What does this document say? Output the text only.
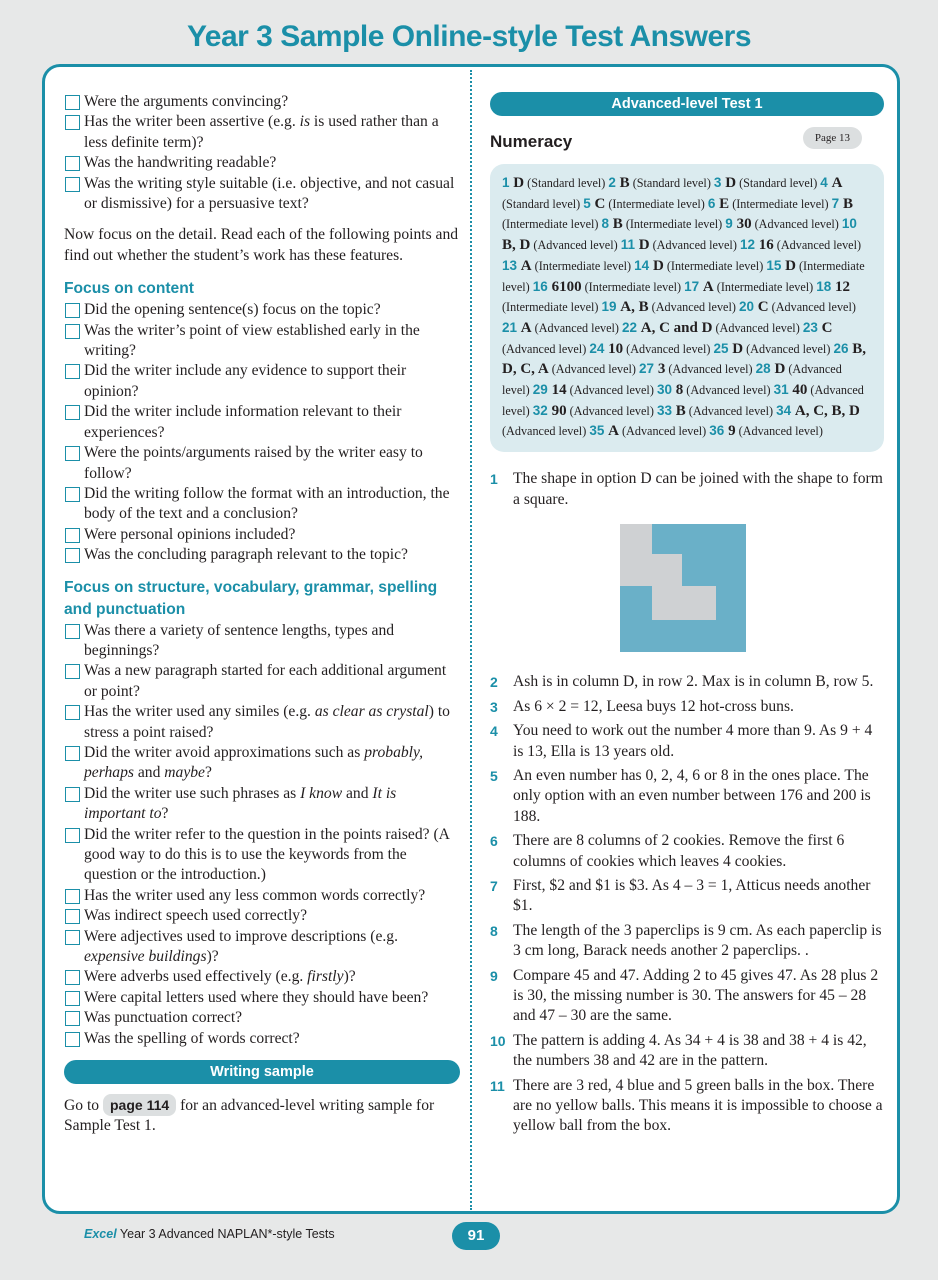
Year 3 Sample Online-style Test Answers
Were the arguments convincing?
Has the writer been assertive (e.g. is is used rather than a less definite term)?
Was the handwriting readable?
Was the writing style suitable (i.e. objective, and not casual or dismissive) for a persuasive text?
Now focus on the detail. Read each of the following points and find out whether the student’s work has these features.
Focus on content
Did the opening sentence(s) focus on the topic?
Was the writer’s point of view established early in the writing?
Did the writer include any evidence to support their opinion?
Did the writer include information relevant to their experiences?
Were the points/arguments raised by the writer easy to follow?
Did the writing follow the format with an introduction, the body of the text and a conclusion?
Were personal opinions included?
Was the concluding paragraph relevant to the topic?
Focus on structure, vocabulary, grammar, spelling and punctuation
Was there a variety of sentence lengths, types and beginnings?
Was a new paragraph started for each additional argument or point?
Has the writer used any similes (e.g. as clear as crystal) to stress a point raised?
Did the writer avoid approximations such as probably, perhaps and maybe?
Did the writer use such phrases as I know and It is important to?
Did the writer refer to the question in the points raised? (A good way to do this is to use the keywords from the question or the introduction.)
Has the writer used any less common words correctly?
Was indirect speech used correctly?
Were adjectives used to improve descriptions (e.g. expensive buildings)?
Were adverbs used effectively (e.g. firstly)?
Were capital letters used where they should have been?
Was punctuation correct?
Was the spelling of words correct?
Writing sample
Go to page 114 for an advanced-level writing sample for Sample Test 1.
Advanced-level Test 1
Numeracy	Page 13
1 D (Standard level) 2 B (Standard level) 3 D (Standard level) 4 A (Standard level) 5 C (Intermediate level) 6 E (Intermediate level) 7 B (Intermediate level) 8 B (Intermediate level) 9 30 (Advanced level) 10 B, D (Advanced level) 11 D (Advanced level) 12 16 (Advanced level) 13 A (Intermediate level) 14 D (Intermediate level) 15 D (Intermediate level) 16 6100 (Intermediate level) 17 A (Intermediate level) 18 12 (Intermediate level) 19 A, B (Advanced level) 20 C (Advanced level) 21 A (Advanced level) 22 A, C and D (Advanced level) 23 C (Advanced level) 24 10 (Advanced level) 25 D (Advanced level) 26 B, D, C, A (Advanced level) 27 3 (Advanced level) 28 D (Advanced level) 29 14 (Advanced level) 30 8 (Advanced level) 31 40 (Advanced level) 32 90 (Advanced level) 33 B (Advanced level) 34 A, C, B, D (Advanced level) 35 A (Advanced level) 36 9 (Advanced level)
1 The shape in option D can be joined with the shape to form a square.
2 Ash is in column D, in row 2. Max is in column B, row 5.
3 As 6 × 2 = 12, Leesa buys 12 hot-cross buns.
4 You need to work out the number 4 more than 9. As 9 + 4 is 13, Ella is 13 years old.
5 An even number has 0, 2, 4, 6 or 8 in the ones place. The only option with an even number between 176 and 200 is 188.
6 There are 8 columns of 2 cookies. Remove the first 6 columns of cookies which leaves 4 cookies.
7 First, $2 and $1 is $3. As 4 – 3 = 1, Atticus needs another $1.
8 The length of the 3 paperclips is 9 cm. As each paperclip is 3 cm long, Barack needs another 2 paperclips. .
9 Compare 45 and 47. Adding 2 to 45 gives 47. As 28 plus 2 is 30, the missing number is 30. The answers for 45 – 28 and 47 – 30 are the same.
10 The pattern is adding 4. As 34 + 4 is 38 and 38 + 4 is 42, the numbers 38 and 42 are in the pattern.
11 There are 3 red, 4 blue and 5 green balls in the box. There are no yellow balls. This means it is impossible to choose a yellow ball from the box.
Excel Year 3 Advanced NAPLAN*-style Tests	91
